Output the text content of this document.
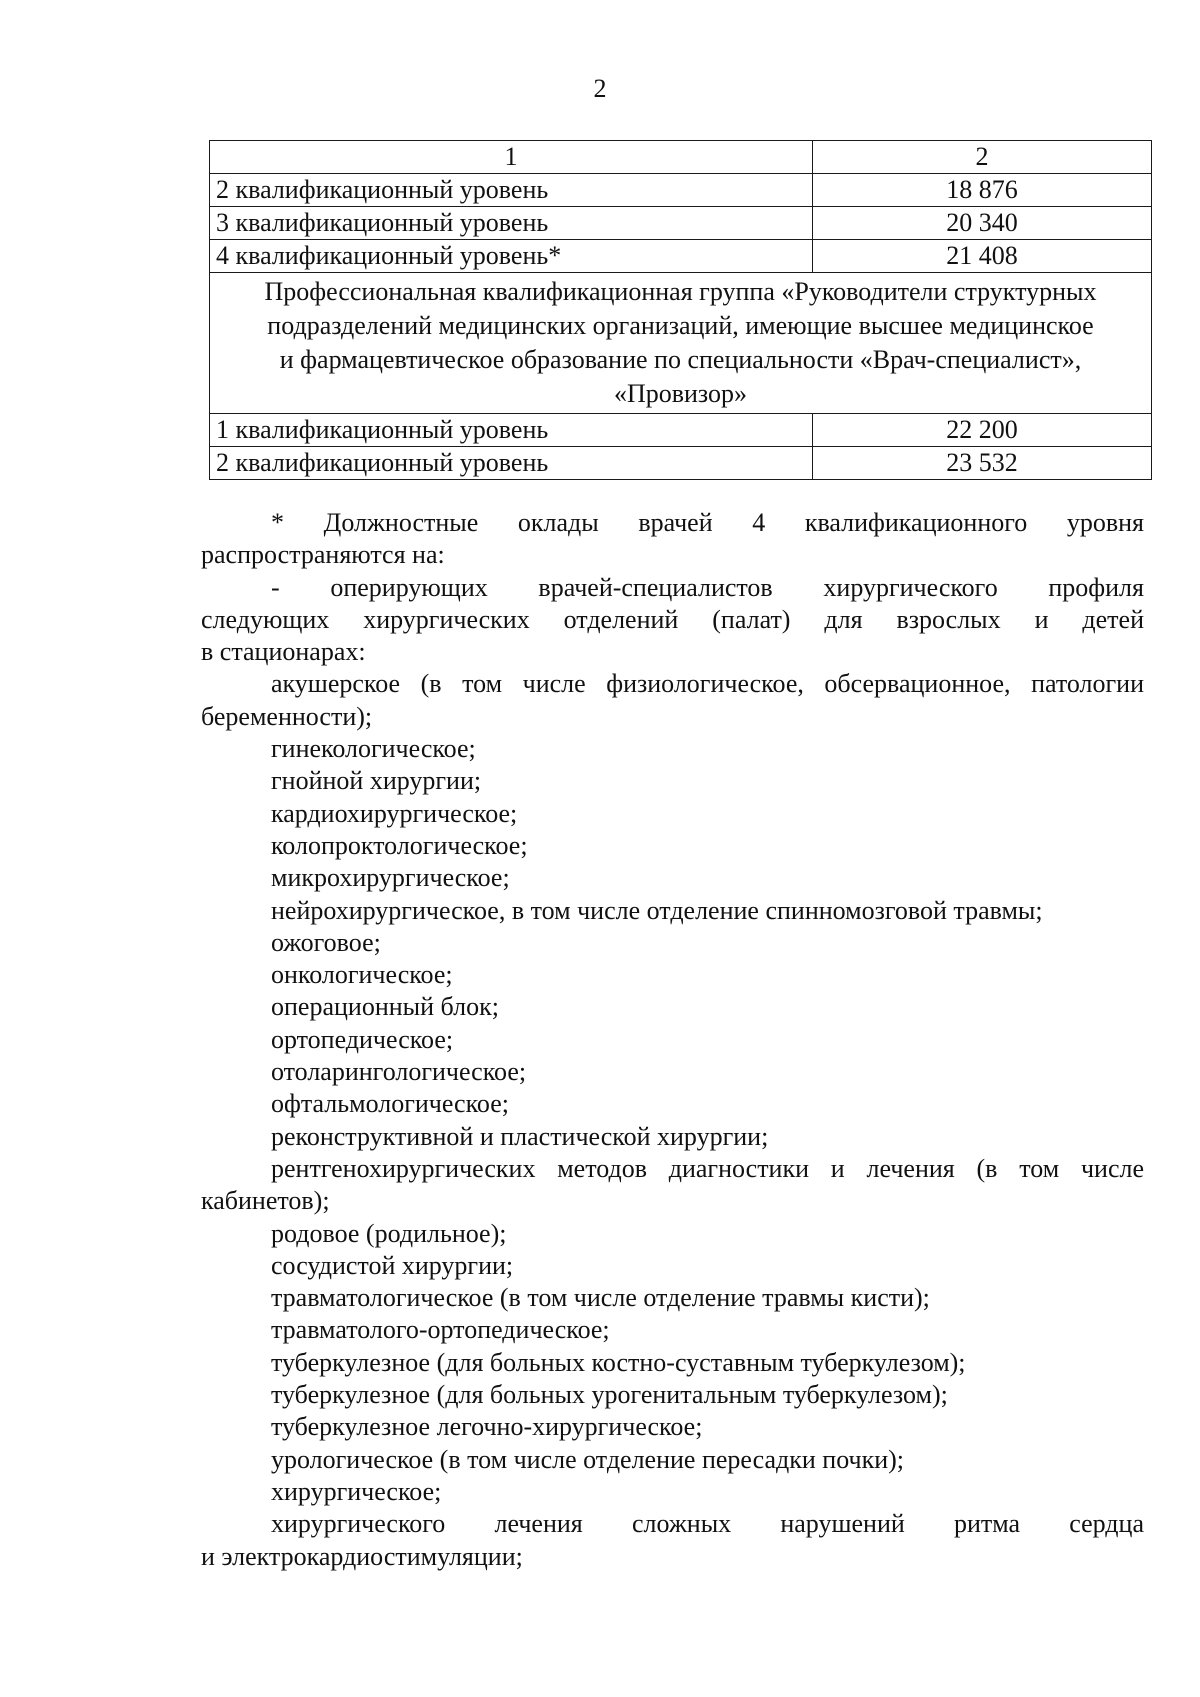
2
1	2
2 квалификационный уровень	18 876
3 квалификационный уровень	20 340
4 квалификационный уровень*	21 408

Профессиональная квалификационная группа «Руководители структурных
подразделений медицинских организаций, имеющие высшее медицинское
и фармацевтическое образование по специальности «Врач-специалист»,
«Провизор»	

1 квалификационный уровень	22 200
2 квалификационный уровень	23 532

* Должностные оклады врачей 4 квалификационного уровня

распространяются на:

- оперирующих врачей-специалистов хирургического профиля

следующих хирургических отделений (палат) для взрослых и детей

в стационарах:

акушерское (в том числе физиологическое, обсервационное, патологии

беременности);

гинекологическое;

гнойной хирургии;

кардиохирургическое;

колопроктологическое;

микрохирургическое;

нейрохирургическое, в том числе отделение спинномозговой травмы;

ожоговое;

онкологическое;

операционный блок;

ортопедическое;

отоларингологическое;

офтальмологическое;

реконструктивной и пластической хирургии;

рентгенохирургических методов диагностики и лечения (в том числе

кабинетов);

родовое (родильное);

сосудистой хирургии;

травматологическое (в том числе отделение травмы кисти);

травматолого-ортопедическое;

туберкулезное (для больных костно-суставным туберкулезом);

туберкулезное (для больных урогенитальным туберкулезом);

туберкулезное легочно-хирургическое;

урологическое (в том числе отделение пересадки почки);

хирургическое;

хирургического лечения сложных нарушений ритма сердца

и электрокардиостимуляции;
